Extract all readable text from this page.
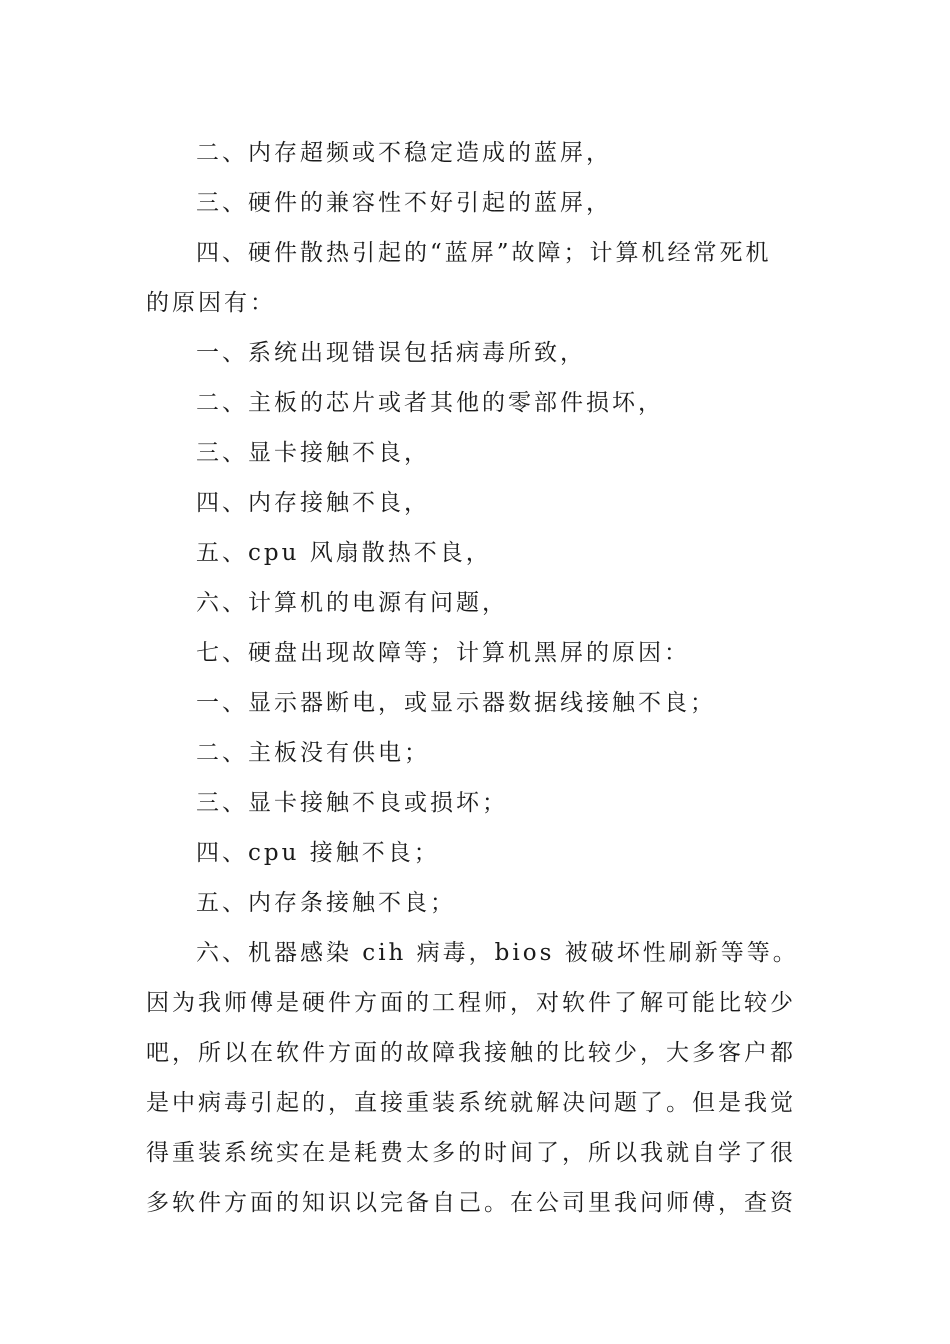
二、内存超频或不稳定造成的蓝屏，
三、硬件的兼容性不好引起的蓝屏，
四、硬件散热引起的“蓝屏”故障；计算机经常死机
的原因有：
一、系统出现错误包括病毒所致，
二、主板的芯片或者其他的零部件损坏，
三、显卡接触不良，
四、内存接触不良，
五、cpu 风扇散热不良，
六、计算机的电源有问题，
七、硬盘出现故障等；计算机黑屏的原因：
一、显示器断电，或显示器数据线接触不良；
二、主板没有供电；
三、显卡接触不良或损坏；
四、cpu 接触不良；
五、内存条接触不良；
六、机器感染 cih 病毒，bios 被破坏性刷新等等。
因为我师傅是硬件方面的工程师，对软件了解可能比较少
吧，所以在软件方面的故障我接触的比较少，大多客户都
是中病毒引起的，直接重装系统就解决问题了。但是我觉
得重装系统实在是耗费太多的时间了，所以我就自学了很
多软件方面的知识以完备自己。在公司里我问师傅，查资
